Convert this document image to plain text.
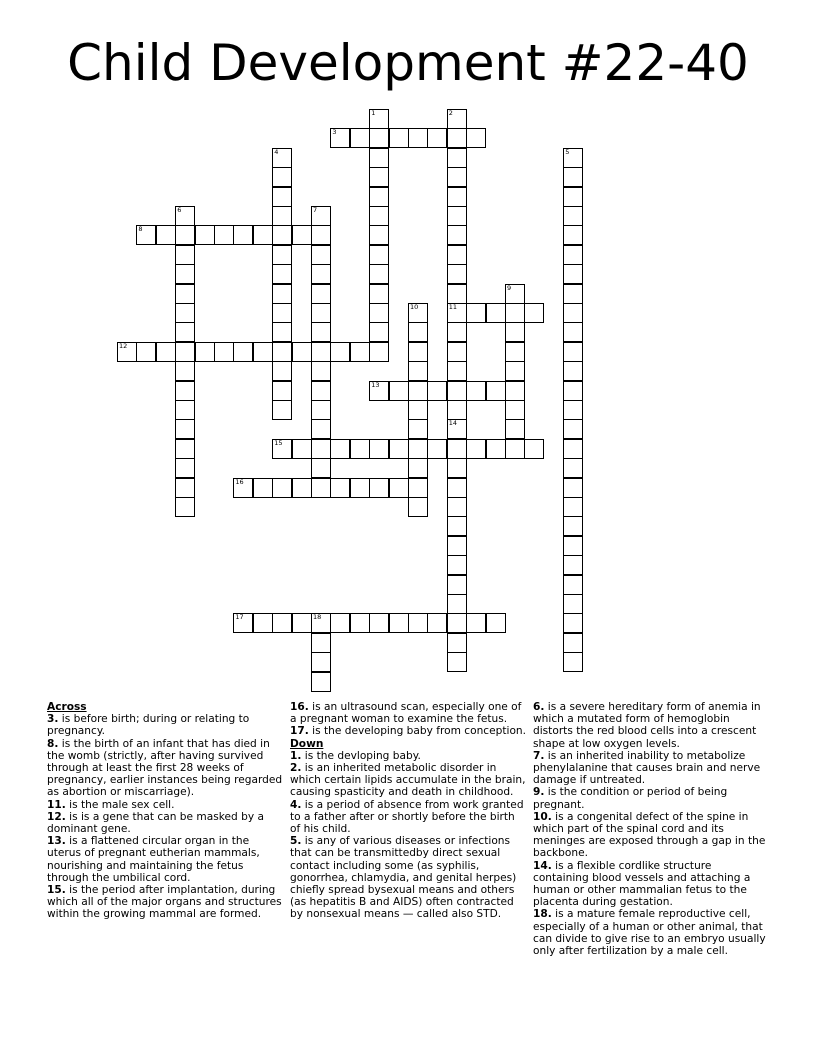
Child Development #22-40
1	2
3
4	5
6	7
8
9
10	11
12
13
14
15
16
17	18
Across
3. is before birth; during or relating to pregnancy.
8. is the birth of an infant that has died in the womb (strictly, after having survived through at least the first 28 weeks of pregnancy, earlier instances being regarded as abortion or miscarriage).
11. is the male sex cell.
12. is is a gene that can be masked by a dominant gene.
13. is a flattened circular organ in the uterus of pregnant eutherian mammals, nourishing and maintaining the fetus through the umbilical cord.
15. is the period after implantation, during which all of the major organs and structures within the growing mammal are formed.
16. is an ultrasound scan, especially one of a pregnant woman to examine the fetus.
17. is the developing baby from conception.
Down
1. is the devloping baby.
2. is an inherited metabolic disorder in which certain lipids accumulate in the brain, causing spasticity and death in childhood.
4. is a period of absence from work granted to a father after or shortly before the birth of his child.
5. is any of various diseases or infections that can be transmittedby direct sexual contact including some (as syphilis, gonorrhea, chlamydia, and genital herpes) chiefly spread bysexual means and others (as hepatitis B and AIDS) often contracted by nonsexual means — called also STD.
6. is a severe hereditary form of anemia in which a mutated form of hemoglobin distorts the red blood cells into a crescent shape at low oxygen levels.
7. is an inherited inability to metabolize phenylalanine that causes brain and nerve damage if untreated.
9. is the condition or period of being pregnant.
10. is a congenital defect of the spine in which part of the spinal cord and its meninges are exposed through a gap in the backbone.
14. is a flexible cordlike structure containing blood vessels and attaching a human or other mammalian fetus to the placenta during gestation.
18. is a mature female reproductive cell, especially of a human or other animal, that can divide to give rise to an embryo usually only after fertilization by a male cell.
